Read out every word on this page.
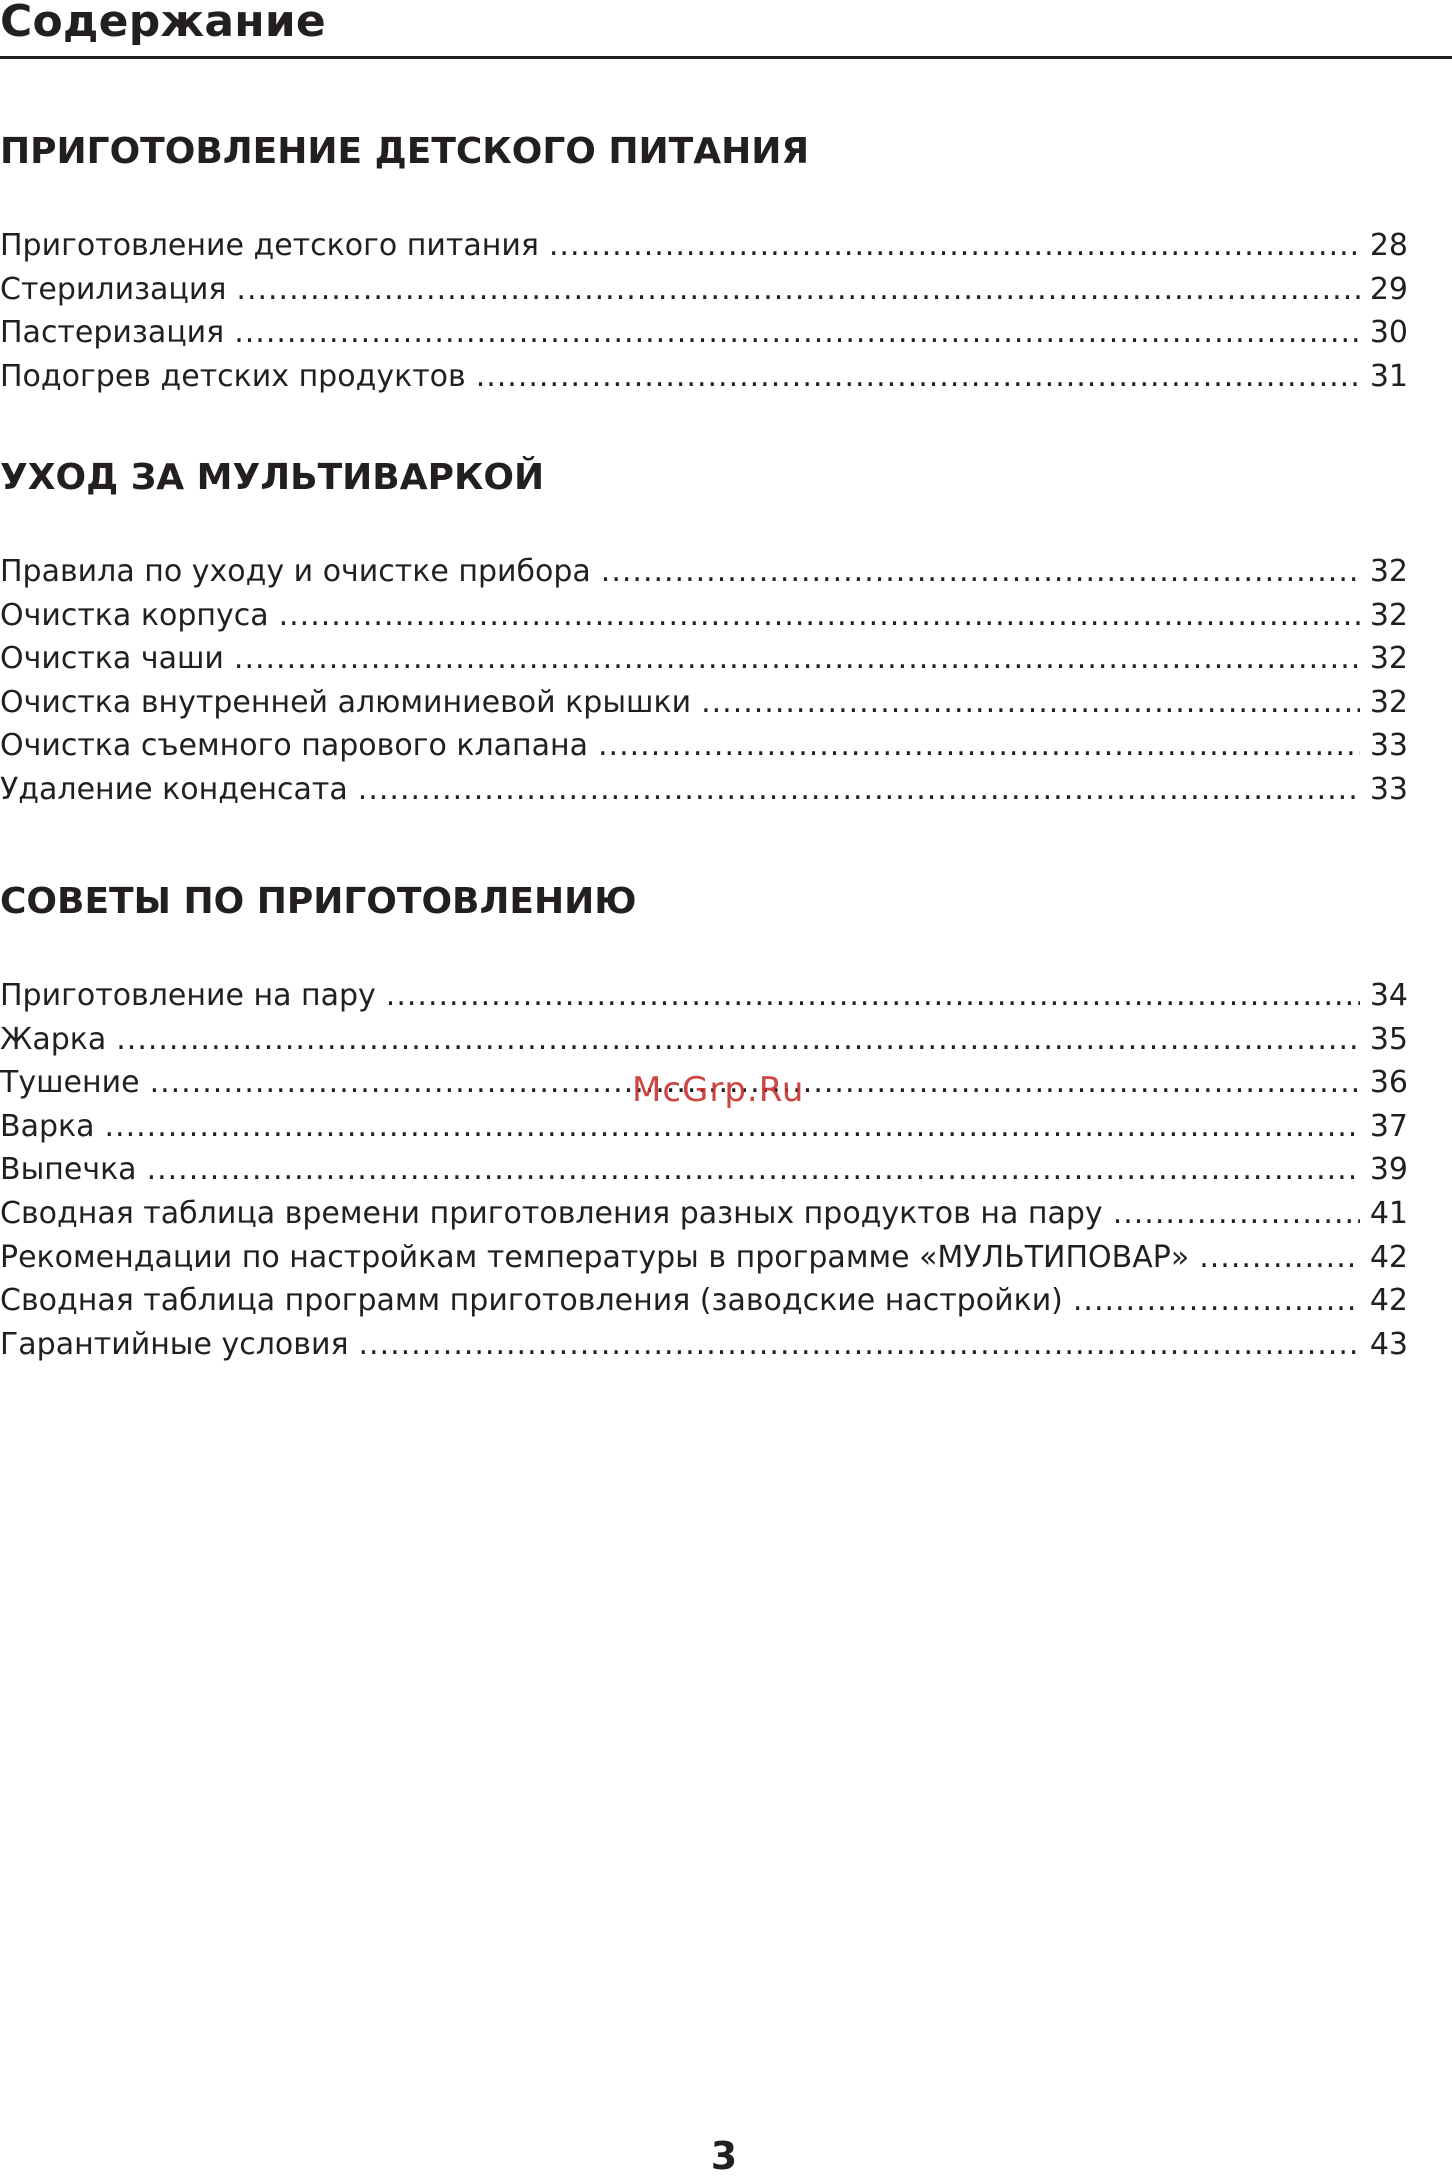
Содержание
ПРИГОТОВЛЕНИЕ ДЕТСКОГО ПИТАНИЯ
Приготовление детского питания .....	28
Стерилизация .....	29
Пастеризация .....	30
Подогрев детских продуктов .....	31
УХОД ЗА МУЛЬТИВАРКОЙ
Правила по уходу и очистке прибора .....	32
Очистка корпуса .....	32
Очистка чаши .....	32
Очистка внутренней алюминиевой крышки .....	32
Очистка съемного парового клапана .....	33
Удаление конденсата .....	33
СОВЕТЫ ПО ПРИГОТОВЛЕНИЮ
Приготовление на пару .....	34
Жарка .....	35
Тушение .....	36
Варка .....	37
Выпечка .....	39
Сводная таблица времени приготовления разных продуктов на пару .....	41
Рекомендации по настройкам температуры в программе «МУЛЬТИПОВАР» .....	42
Сводная таблица программ приготовления (заводские настройки) .....	42
Гарантийные условия .....	43
McGrp.Ru
3
